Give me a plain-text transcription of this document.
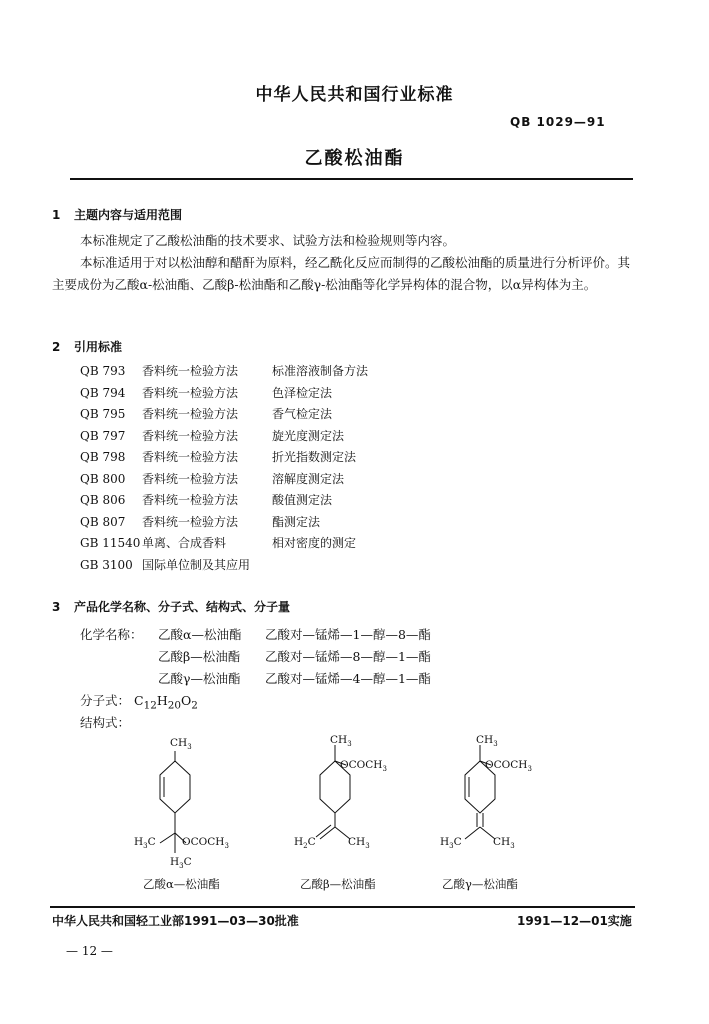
中华人民共和国行业标准
QB 1029—91
乙酸松油酯
1 主题内容与适用范围
本标准规定了乙酸松油酯的技术要求、试验方法和检验规则等内容。
本标准适用于对以松油醇和醋酐为原料，经乙酰化反应而制得的乙酸松油酯的质量进行分析评价。其主要成份为乙酸α-松油酯、乙酸β-松油酯和乙酸γ-松油酯等化学异构体的混合物，以α异构体为主。
2 引用标准
QB 793 香料统一检验方法	标准溶液制备方法
QB 794 香料统一检验方法	色泽检定法
QB 795 香料统一检验方法	香气检定法
QB 797 香料统一检验方法	旋光度测定法
QB 798 香料统一检验方法	折光指数测定法
QB 800 香料统一检验方法	溶解度测定法
QB 806 香料统一检验方法	酸值测定法
QB 807 香料统一检验方法	酯测定法
GB 11540 单离、合成香料	相对密度的测定
GB 3100 国际单位制及其应用
3 产品化学名称、分子式、结构式、分子量
化学名称： 乙酸α—松油酯 乙酸对—锰烯—1—醇—8—酯
乙酸β—松油酯 乙酸对—锰烯—8—醇—1—酯
乙酸γ—松油酯 乙酸对—锰烯—4—醇—1—酯
分子式： $C_{12}H_{20}O_2$
结构式：
$CH_3$
$OCOCH_3$
$H_3C$
$H_3C$
乙酸α—松油酯
$CH_3$
$OCOCH_3$
$H_2C$	$CH_3$
乙酸β—松油酯
$CH_3$
$OCOCH_3$
$H_3C$	$CH_3$
乙酸γ—松油酯
中华人民共和国轻工业部1991—03—30批准	1991—12—01实施
— 12 —
